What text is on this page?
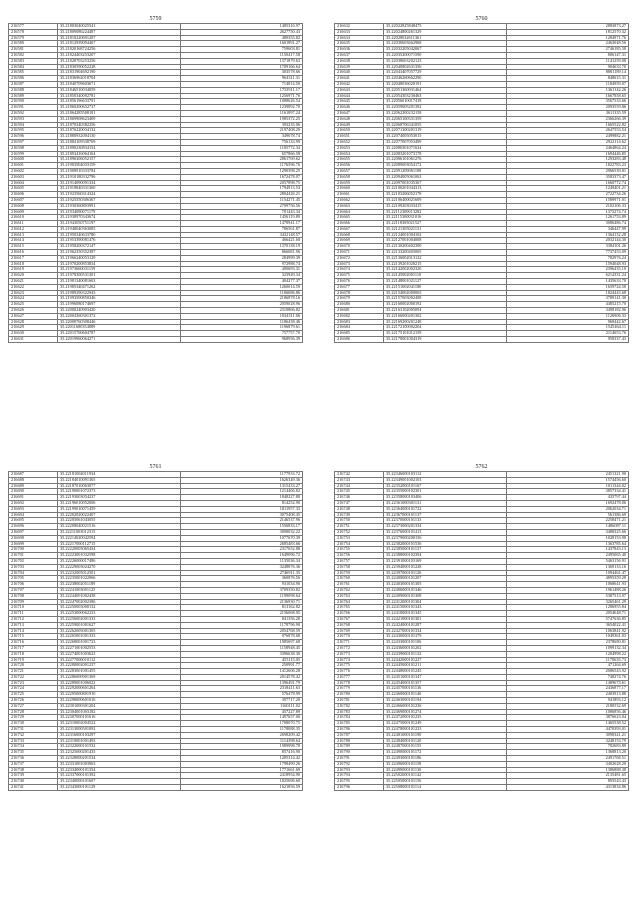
5759
216577	35.21803040025541	1485316.97
216578	35.21809086224487	2627750.43
216579	35.21810220691207	480355.82
216580	35.21812939094467	1601891.27
216581	35.21820168724256	759603.81
216582	35.21824403253207	1150417.58
216583	35.21828703253256	1371879.63
216584	35.21830590052228	1709166.64
216585	35.21831904692190	303578.66
216586	35.21836962018704	964311.31
216587	35.21840709603671	714814.50
216588	35.21846510034059	1753911.17
216589	35.21850340092781	1256971.76
216590	35.21856196633791	1088626.54
216591	35.21860200652737	1239892.70
216592	35.21864285508181	1161897.24
216593	35.21869908623409	1985372.25
216594	35.21870340382256	393235.06
216595	35.21876220034132	2197408.29
216596	35.21880932004130	349678.74
216597	35.21884109338769	756133.99
216598	35.21890230834154	1185772.34
216599	35.21893416064164	657866.58
216600	35.21896306052157	2861769.62
216601	35.21903504033159	1176596.76
216602	35.21908910333784	1290398.25
216603	35.21910180332796	1672478.07
216604	35.21914090091334	2057898.75
216605	35.21919840331360	1794913.53
216606	35.21923560314324	2804426.21
216607	35.21925550306367	1154271.45
216608	35.21930360803991	2709756.56
216609	35.21934090071179	701443.34
216610	35.21938970343674	1456119.89
216611	35.21943050751197	1478941.17
216612	35.21948040363085	786561.87
216613	35.21950340633780	3432148.57
216614	35.21953390081476	466421.60
216615	35.21958200372147	1370138.19
216616	35.21962350352387	866681.96
216617	35.21966240053129	284999.39
216618	35.21970200853834	972988.74
216619	35.21973660031159	400693.31
216620	35.21978300531301	323949.34
216621	35.21981340081663	404277.37
216622	35.21985340471262	1260014.59
216623	35.21989290322943	1106686.86
216624	35.21993500850346	2186878.16
216625	35.21996080174697	2059028.96
216626	35.22000240903420	2310866.82
216627	35.22004360301372	1034311.06
216628	35.22008760308446	1186438.46
216629	35.22011680354889	1196879.61
216630	35.22015760604787	757757.70
216631	35.22019960064271	968956.39
5760
216632	35.22022825848475	2883873.27
216633	35.22024800261329	1812570.32
216634	35.22028032611361	1284971.76
216635	35.22030603662968	2463048.56
216636	35.22032205042067	2746185.58
216637	35.22035200071590	806147.31
216638	35.22038603202123	1141259.08
216639	35.22040802631356	904633.70
216640	35.22043407057729	8881189.14
216641	35.22046260662290	848615.31
216642	35.22048036020191	1184959.07
216643	35.22051360031464	1361142.26
216644	35.22054303230463	1667858.65
216645	35.22056010017418	3567533.66
216646	35.22059005201392	2093559.86
216647	35.22062200232158	3611335.59
216648	35.22065100331359	2366266.39
216649	35.22068706341055	1665522.82
216650	35.22071300201319	2647553.54
216651	35.22074005053015	2499882.21
216652	35.22077007053499	2922114.62
216653	35.22080301071634	2464864.24
216654	35.22083201073178	1694446.85
216655	35.22086101061276	1293283.48
216656	35.22089003054172	1822783.23
216657	35.22091209061108	2966539.81
216658	35.22094005061063	3583373.47
216659	35.22097001035367	1660772.74
216660	35.22100201044313	1249401.21
216661	35.22103206052178	2722734.26
216662	35.22106400021609	1589971.01
216663	35.22109203033415	2102106.33
216664	35.22112300013282	1373274.74
216665	35.22115300031016	1261753.89
216666	35.22118305021527	3086486.74
216667	35.22121305021131	346447.99
216668	35.22124001004102	1364132.28
216669	35.22127001004008	2032144.30
216670	35.22130200402390	3384101.26
216671	35.22133200403005	7737453.09
216672	35.22136002013122	782976.24
216673	35.22139201020215	1594048.93
216674	35.22142002002320	2396435.10
216675	35.22145002001110	6214331.24
216676	35.22148001021127	1435633.78
216677	35.22151002041180	1659724.58
216678	35.22154002000065	1824443.68
216679	35.22157003002408	3789141.30
216680	35.22160002000192	4485215.70
216681	35.22163102005094	3498182.96
216682	35.22166000201302	1126906.33
216683	35.22169200201248	968442.67
216684	35.22172100002204	1545464.11
216685	35.22175101012159	2114653.76
216686	35.22178001004319	958337.43
5761
216687	35.22181004011934	1177933.72
216688	35.22184010091305	1626349.36
216689	35.22187010063077	1315433.27
216690	35.22190001072373	1214466.82
216691	35.22193003054237	1848227.88
216692	35.22196010052006	814252.90
216693	35.22199010071459	1811957.33
216694	35.22202020022407	3075408.45
216695	35.22205061043055	2146537.96
216696	35.22208040021516	1556833.17
216697	35.22211003012315	3098032.22
216698	35.22214020042594	1077670.39
216699	35.22217000112715	2685483.66
216700	35.22220005065434	2317652.88
216701	35.22223001032598	1649096.72
216702	35.22226000017486	1135036.34
216703	35.22229003024270	3248876.36
216704	35.22232005012501	2746911.35
216705	35.22235001022066	360876.56
216706	35.22238002051189	931034.90
216707	35.22241003001125	3709350.82
216708	35.22244001002438	1199098.64
216709	35.22247002002386	2136930.71
216710	35.22250003000132	813162.82
216711	35.22253000062233	2156068.95
216712	35.22256002001333	841356.28
216713	35.22259001001627	1178796.90
216714	35.22262005001305	2054768.59
216715	35.22265001001333	976878.68
216716	35.22268001001723	1985697.68
216717	35.22271001002553	1158948.45
216718	35.22274001003623	3396638.30
216719	35.22277006010112	455115.05
216720	35.22280002001237	250991.77
216721	35.22283001001455	1412606.28
216722	35.22286000901369	2014578.42
216723	35.22289001006022	1396491.79
216724	35.22292000601264	2318411.63
216725	35.22295000801910	576478.99
216726	35.22298000601016	397717.20
216727	35.22301000301204	1160111.02
216728	35.22304001003182	457227.89
216729	35.22307000101616	1497657.00
216730	35.22310002004522	1708070.75
216731	35.22313000501092	1178088.35
216732	35.22316000103297	2698209.42
216733	35.22319001001493	1114398.64
216734	35.22322000101532	1989998.78
216735	35.22325000201435	857416.90
216736	35.22328000201534	1285314.42
216737	35.22331001003963	1798499.26
216738	35.22334000101354	1771661.69
216739	35.22337000101392	2418954.90
216740	35.22340000101607	1825696.60
216741	35.22343000101129	1621856.59
5762
216742	35.22346000103112	2451321.90
216743	35.22349001002103	1574456.60
216744	35.22352000101167	1011344.02
216745	35.22355000102301	3857334.41
216746	35.22358000103406	435797.44
216747	35.22361000301131	1692478.06
216748	35.22364000101722	2062034.71
216749	35.22367000101137	561386.69
216750	35.22370000101133	2258471.21
216751	35.22373000201334	1486087.11
216752	35.22376000101413	3488325.66
216753	35.22379000200156	1028153.98
216754	35.22382000101536	1363785.64
216755	35.22385000101137	1437843.13
216756	35.22388000102394	2495065.40
216757	35.22391000103169	5463156.91
216758	35.22394000101228	1369133.16
216759	35.22397000101126	1094461.47
216760	35.22400000101207	4895359.28
216761	35.22403000101305	1068641.93
216762	35.22406000101346	1961488.26
216763	35.22409000101308	5387513.97
216764	35.22412000101304	3265461.29
216765	35.22415000101343	1286955.84
216766	35.22418000101345	2054648.71
216767	35.22421000101301	5747636.85
216768	35.22424000101287	3654022.41
216769	35.22427000101334	1063841.92
216770	35.22430000101379	1049361.03
216771	35.22433000101106	2378680.81
216772	35.22436000101202	1099132.34
216773	35.22439000101132	1204998.22
216774	35.22442000101227	1170635.73
216775	35.22445000101211	471264.69
216776	35.22448000101245	2086543.92
216777	35.22451000101347	748274.76
216778	35.22454000101357	1489673.61
216779	35.22457000101136	2436877.17
216780	35.22460000101146	2403913.88
216781	35.22463000101194	941893.12
216782	35.22466000101236	2180532.69
216783	35.22469000101274	1086856.46
216784	35.22472000101235	3876623.04
216785	35.22475000101249	1465538.52
216786	35.22478000101223	4470393.01
216787	35.22481000101190	3098341.21
216788	35.22484000101120	3248153.79
216789	35.22487000101155	782683.89
216790	35.22490000101172	1368813.20
216791	35.22493000101186	2491768.51
216792	35.22496000101158	3402628.20
216793	35.22499000101130	1386888.38
216794	35.22502000101142	2135481.65
216795	35.22505000101156	893543.43
216796	35.22508000101114	4313834.86
